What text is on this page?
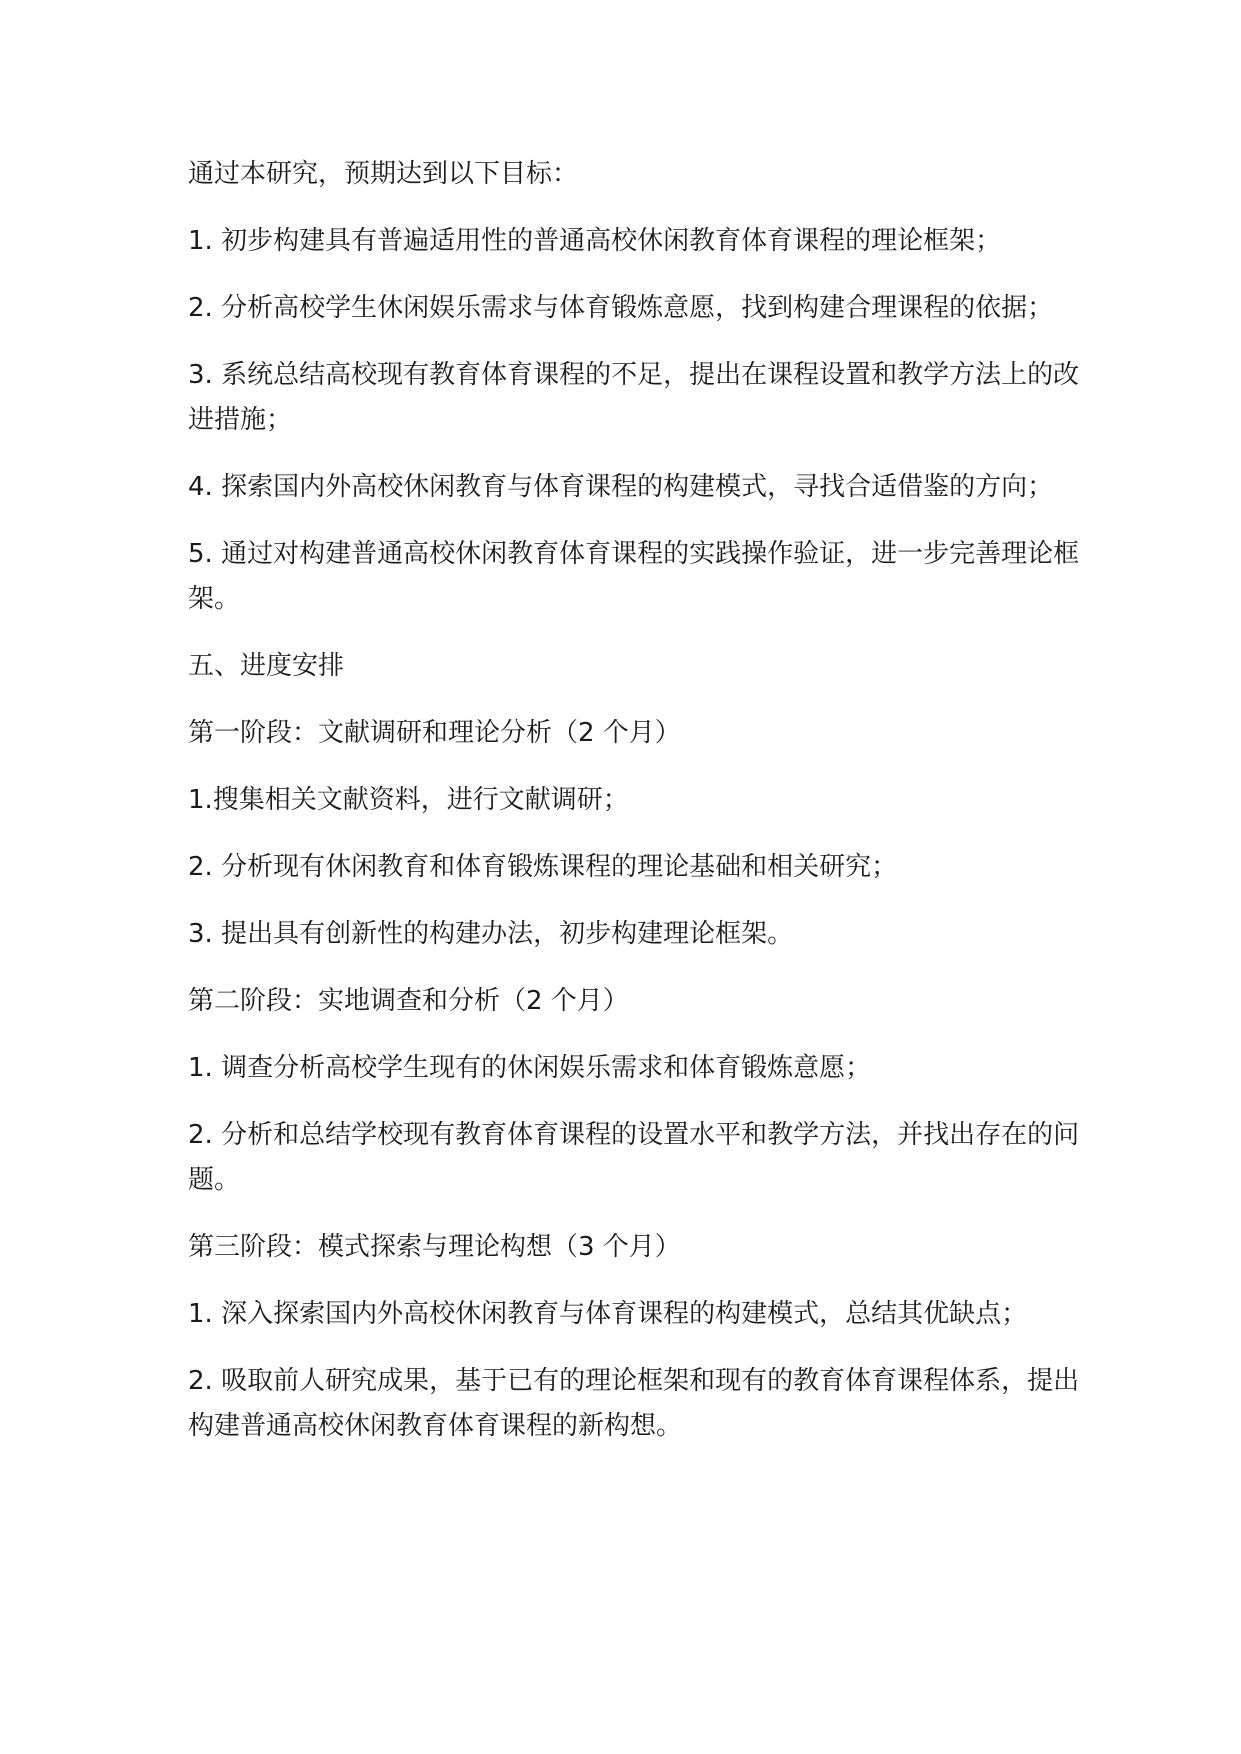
通过本研究，预期达到以下目标：

1. 初步构建具有普遍适用性的普通高校休闲教育体育课程的理论框架；

2. 分析高校学生休闲娱乐需求与体育锻炼意愿，找到构建合理课程的依据；

3. 系统总结高校现有教育体育课程的不足，提出在课程设置和教学方法上的改进措施；

4. 探索国内外高校休闲教育与体育课程的构建模式，寻找合适借鉴的方向；

5. 通过对构建普通高校休闲教育体育课程的实践操作验证，进一步完善理论框架。

五、进度安排

第一阶段：文献调研和理论分析（2 个月）

1.搜集相关文献资料，进行文献调研；

2. 分析现有休闲教育和体育锻炼课程的理论基础和相关研究；

3. 提出具有创新性的构建办法，初步构建理论框架。

第二阶段：实地调查和分析（2 个月）

1. 调查分析高校学生现有的休闲娱乐需求和体育锻炼意愿；

2. 分析和总结学校现有教育体育课程的设置水平和教学方法，并找出存在的问题。

第三阶段：模式探索与理论构想（3 个月）

1. 深入探索国内外高校休闲教育与体育课程的构建模式，总结其优缺点；

2. 吸取前人研究成果，基于已有的理论框架和现有的教育体育课程体系，提出构建普通高校休闲教育体育课程的新构想。
